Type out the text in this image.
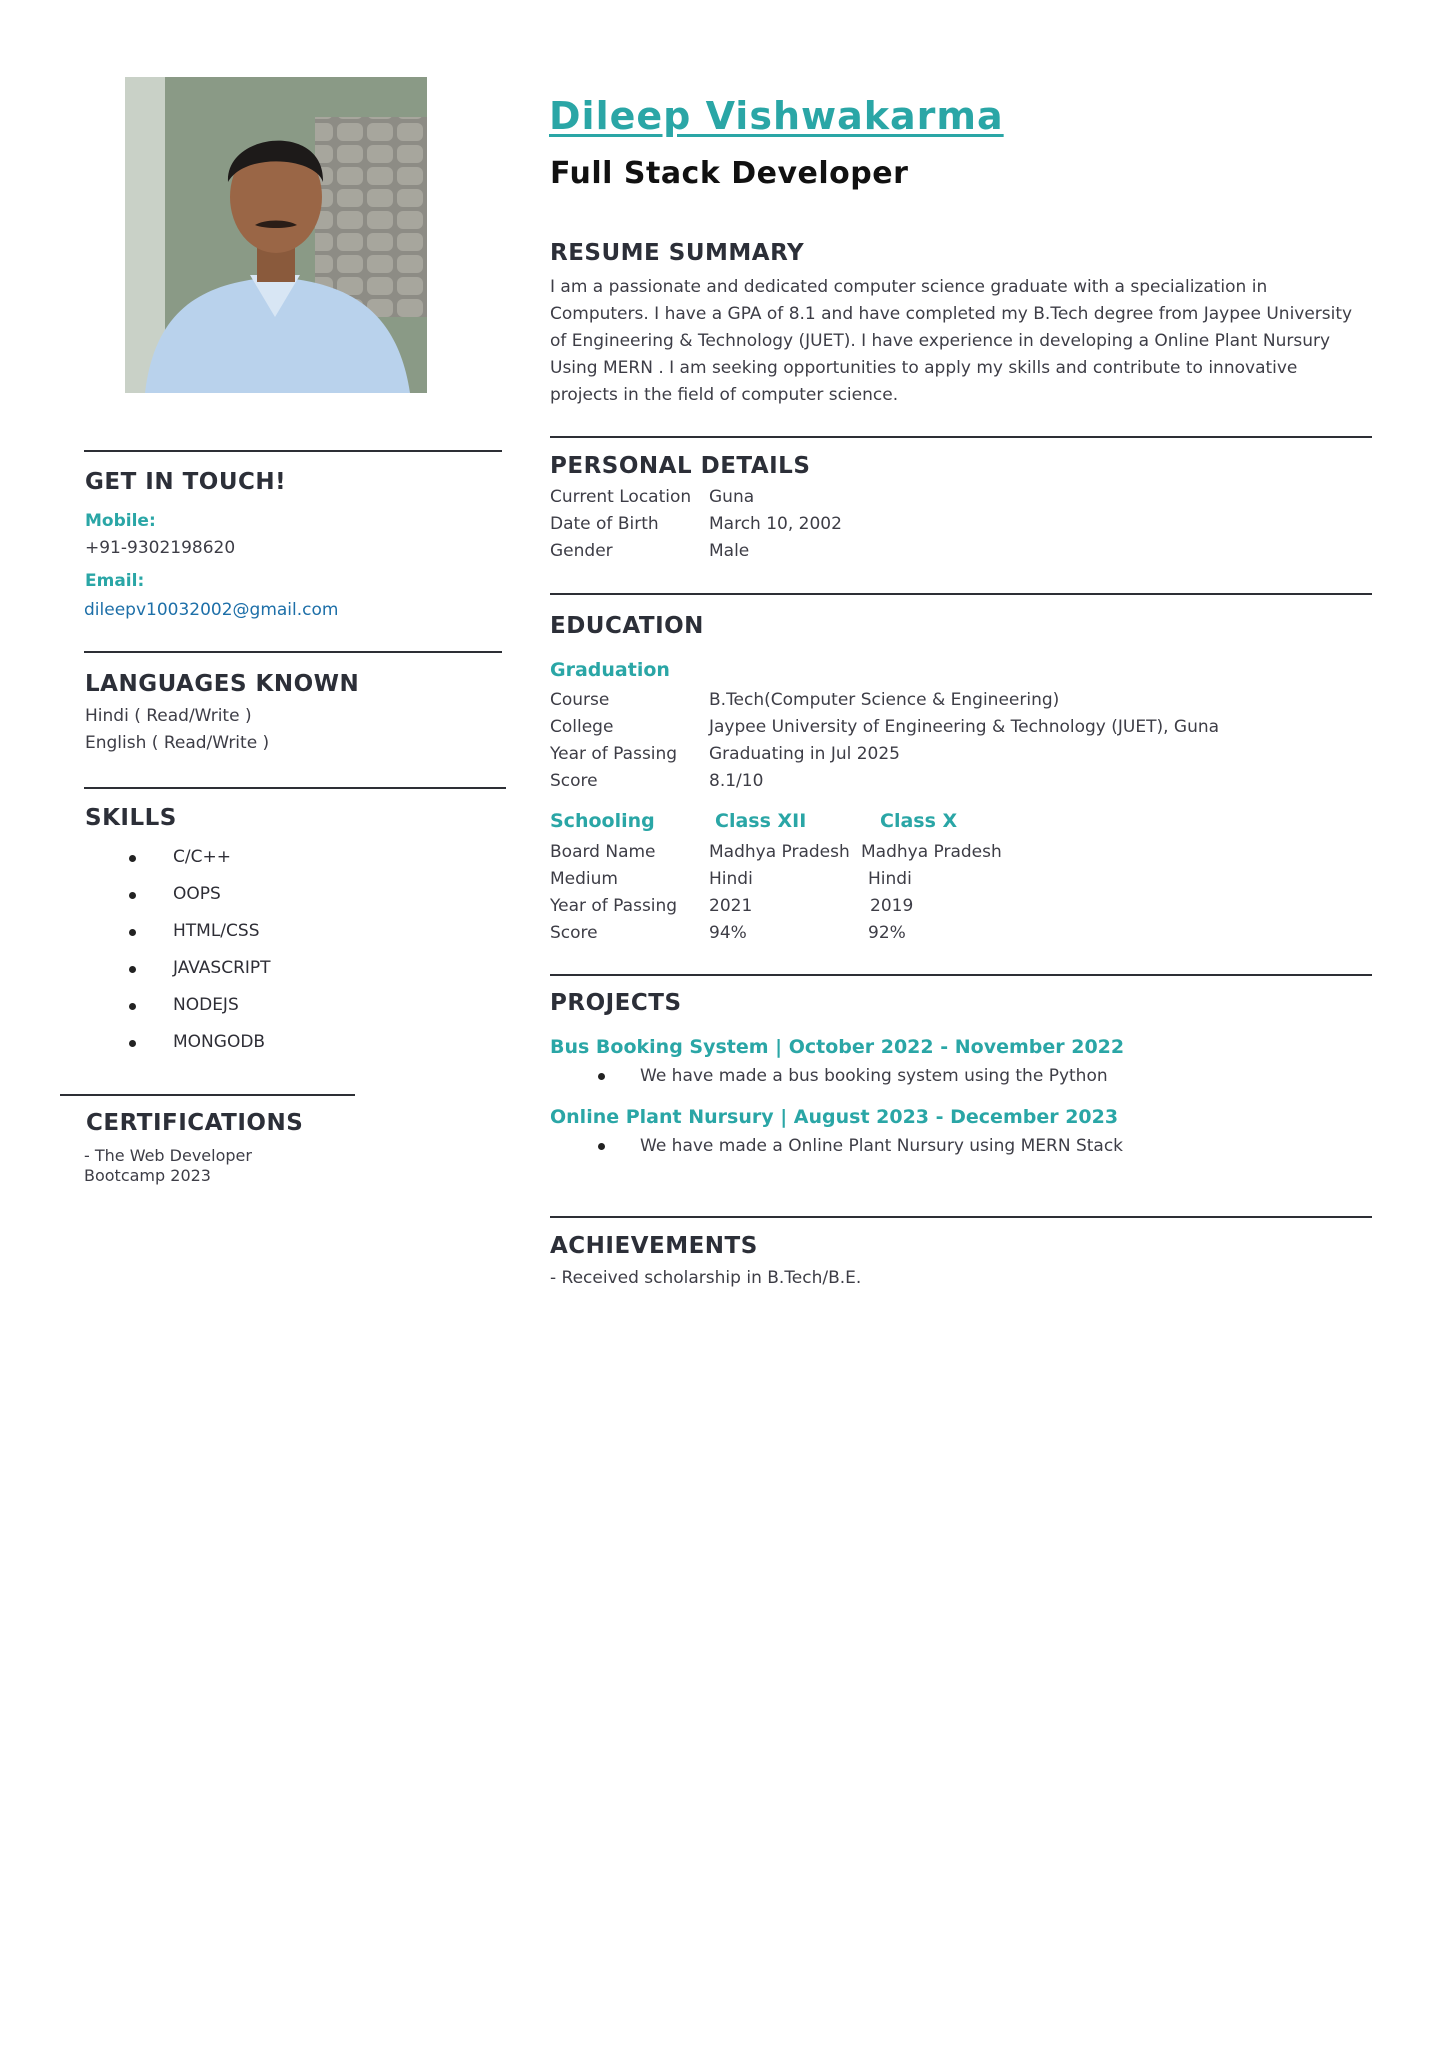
Dileep Vishwakarma
Full Stack Developer
RESUME SUMMARY
I am a passionate and dedicated computer science graduate with a specialization in
Computers. I have a GPA of 8.1 and have completed my B.Tech degree from Jaypee University
of Engineering & Technology (JUET). I have experience in developing a Online Plant Nursury
Using MERN . I am seeking opportunities to apply my skills and contribute to innovative
projects in the field of computer science.
PERSONAL DETAILS
Current Location Guna
Date of Birth	March 10, 2002
Gender	Male
EDUCATION
Graduation
Course	B.Tech(Computer Science & Engineering)
College	Jaypee University of Engineering & Technology (JUET), Guna
Year of Passing Graduating in Jul 2025
Score	8.1/10
Schooling	Class XII	Class X
Board Name	Madhya Pradesh Madhya Pradesh
Medium	Hindi	Hindi
Year of Passing 2021	2019
Score	94%	92%
PROJECTS
Bus Booking System | October 2022 - November 2022
We have made a bus booking system using the Python
Online Plant Nursury | August 2023 - December 2023
We have made a Online Plant Nursury using MERN Stack
ACHIEVEMENTS
- Received scholarship in B.Tech/B.E.
GET IN TOUCH!
Mobile:
+91-9302198620
Email:
dileepv10032002@gmail.com
LANGUAGES KNOWN
Hindi ( Read/Write )
English ( Read/Write )
SKILLS
C/C++
OOPS
HTML/CSS
JAVASCRIPT
NODEJS
MONGODB
CERTIFICATIONS
- The Web Developer
Bootcamp 2023
